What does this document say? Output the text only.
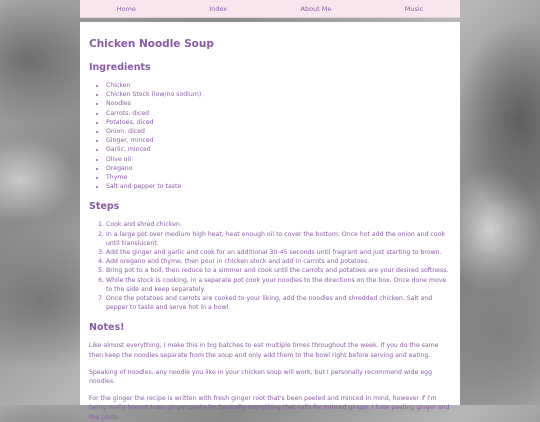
Home	Index	About Me	Music
Chicken Noodle Soup
Ingredients
• Chicken
• Chicken Stock (low/no sodium)
• Noodles
• Carrots, diced
• Potatoes, diced
• Onion, diced
• Ginger, minced
• Garlic, minced
• Olive oil
• Oregano
• Thyme
• Salt and pepper to taste
Steps
1. Cook and shred chicken.
2. In a large pot over medium high heat, heat enough oil to cover the bottom. Once hot add the onion and cook until translucent.
3. Add the ginger and garlic and cook for an additional 30-45 seconds until fragrant and just starting to brown.
4. Add oregano and thyme, then pour in chicken stock and add in carrots and potatoes.
5. Bring pot to a boil, then reduce to a simmer and cook until the carrots and potatoes are your desired softness.
6. While the stock is cooking, in a separate pot cook your noodles to the directions on the box. Once done move to the side and keep separately.
7. Once the potatoes and carrots are cooked to your liking, add the noodles and shredded chicken. Salt and pepper to taste and serve hot in a bowl.
Notes!

Like almost everything, I make this in big batches to eat multiple times throughout the week. If you do the same then keep the noodles separate from the soup and only add them to the bowl right before serving and eating.

Speaking of noodles, any noodle you like in your chicken soup will work, but I personally recommend wide egg noodles.

For the ginger the recipe is written with fresh ginger root that's been peeled and minced in mind, however if I'm being really honest I use ginger paste for basically everything that calls for minced ginger. I hate peeling ginger and the paste
